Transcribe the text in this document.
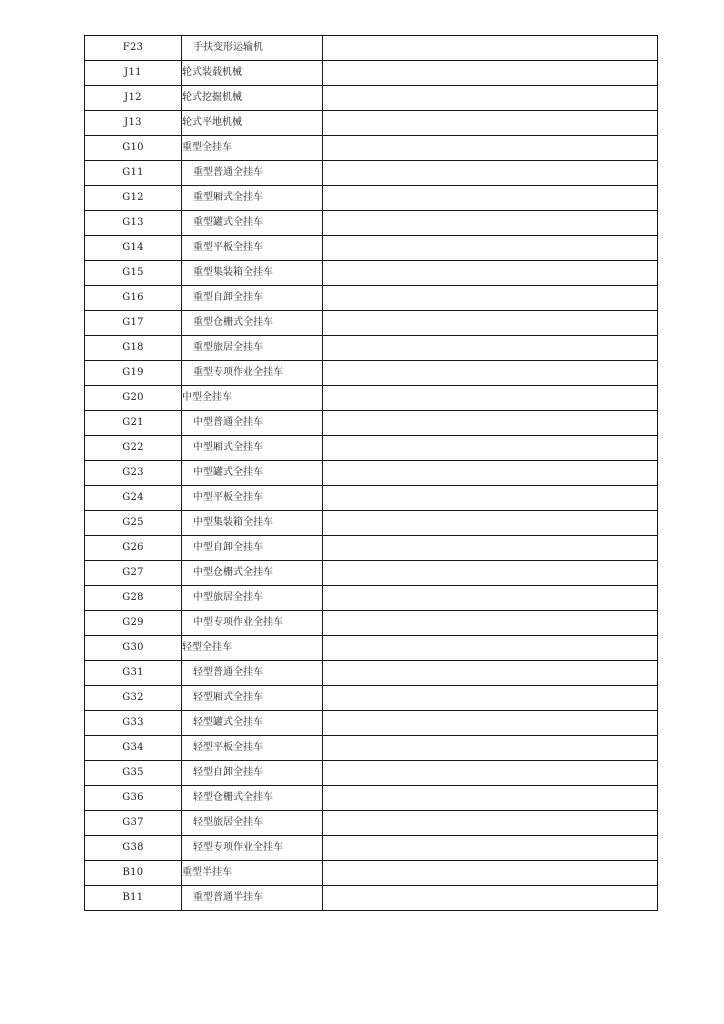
F23	手扶变形运输机	
J11	轮式装载机械	
J12	轮式挖掘机械	
J13	轮式平地机械	
G10	重型全挂车	
G11	重型普通全挂车	
G12	重型厢式全挂车	
G13	重型罐式全挂车	
G14	重型平板全挂车	
G15	重型集装箱全挂车	
G16	重型自卸全挂车	
G17	重型仓栅式全挂车	
G18	重型旅居全挂车	
G19	重型专项作业全挂车	
G20	中型全挂车	
G21	中型普通全挂车	
G22	中型厢式全挂车	
G23	中型罐式全挂车	
G24	中型平板全挂车	
G25	中型集装箱全挂车	
G26	中型自卸全挂车	
G27	中型仓栅式全挂车	
G28	中型旅居全挂车	
G29	中型专项作业全挂车	
G30	轻型全挂车	
G31	轻型普通全挂车	
G32	轻型厢式全挂车	
G33	轻型罐式全挂车	
G34	轻型平板全挂车	
G35	轻型自卸全挂车	
G36	轻型仓栅式全挂车	
G37	轻型旅居全挂车	
G38	轻型专项作业全挂车	
B10	重型半挂车	
B11	重型普通半挂车	
